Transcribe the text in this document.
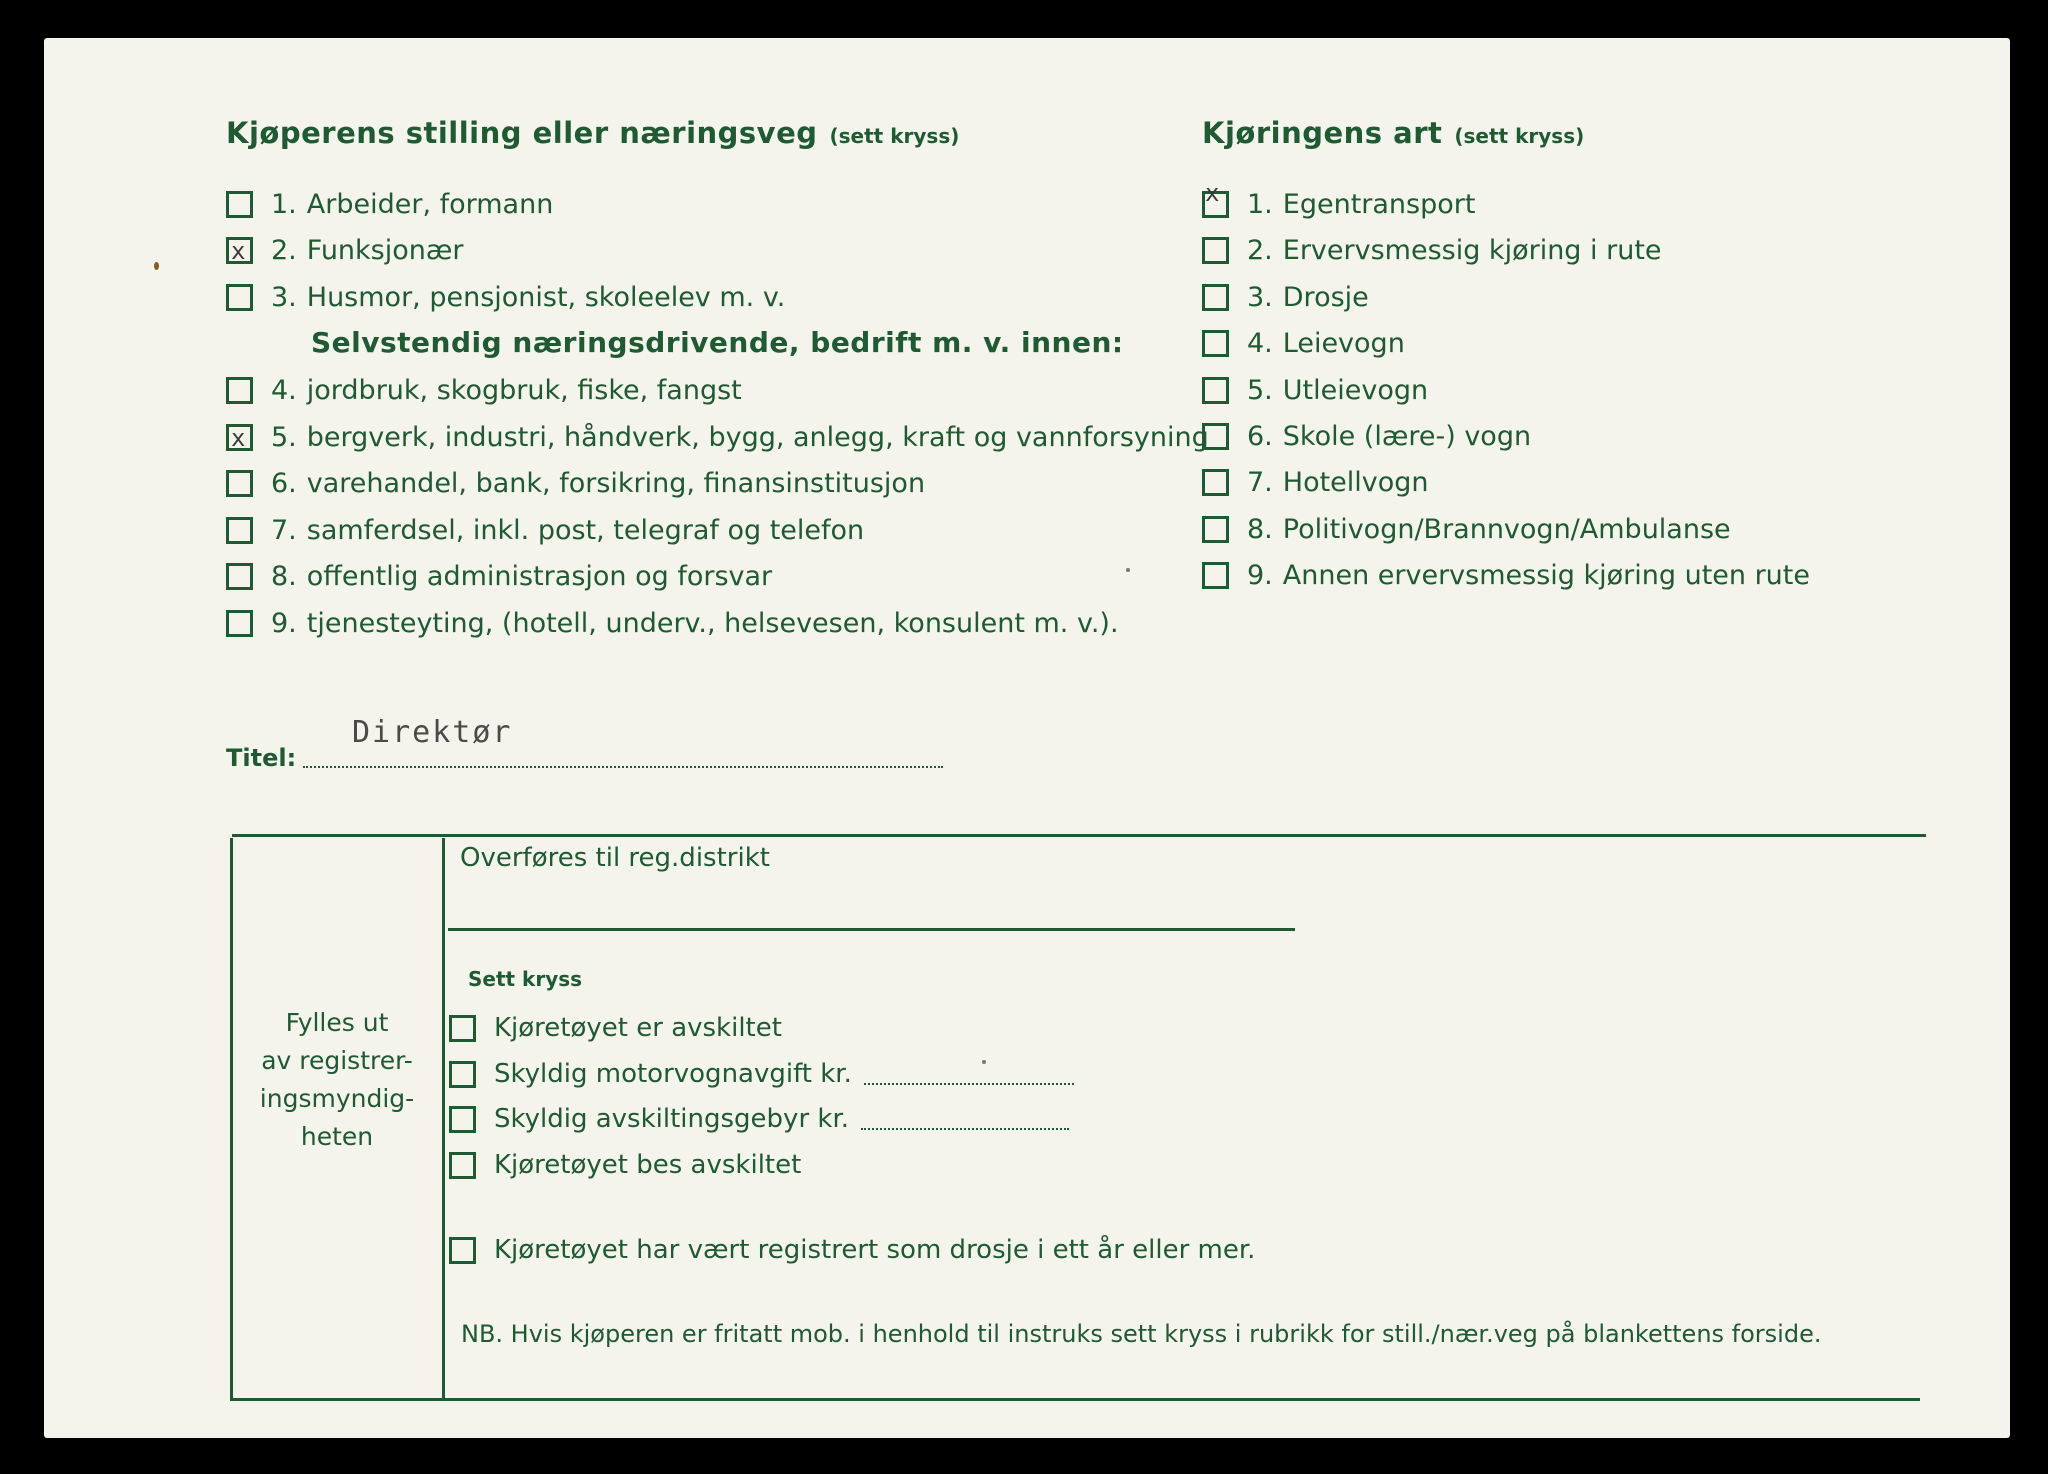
Kjøperens stilling eller næringsveg (sett kryss)
1. Arbeider, formann
x 2. Funksjonær
3. Husmor, pensjonist, skoleelev m. v.
Selvstendig næringsdrivende, bedrift m. v. innen:
4. jordbruk, skogbruk, fiske, fangst
x 5. bergverk, industri, håndverk, bygg, anlegg, kraft og vannforsyning
6. varehandel, bank, forsikring, finansinstitusjon
7. samferdsel, inkl. post, telegraf og telefon
8. offentlig administrasjon og forsvar
9. tjenesteyting, (hotell, underv., helsevesen, konsulent m. v.).
Kjøringens art (sett kryss)
x 1. Egentransport
2. Ervervsmessig kjøring i rute
3. Drosje
4. Leievogn
5. Utleievogn
6. Skole (lære-) vogn
7. Hotellvogn
8. Politivogn/Brannvogn/Ambulanse
9. Annen ervervsmessig kjøring uten rute
Titel:
Direktør
Fylles ut
av registrer-
ingsmyndig-
heten
Overføres til reg.distrikt
Sett kryss
Kjøretøyet er avskiltet
Skyldig motorvognavgift kr.
Skyldig avskiltingsgebyr kr.
Kjøretøyet bes avskiltet
Kjøretøyet har vært registrert som drosje i ett år eller mer.
NB. Hvis kjøperen er fritatt mob. i henhold til instruks sett kryss i rubrikk for still./nær.veg på blankettens forside.
